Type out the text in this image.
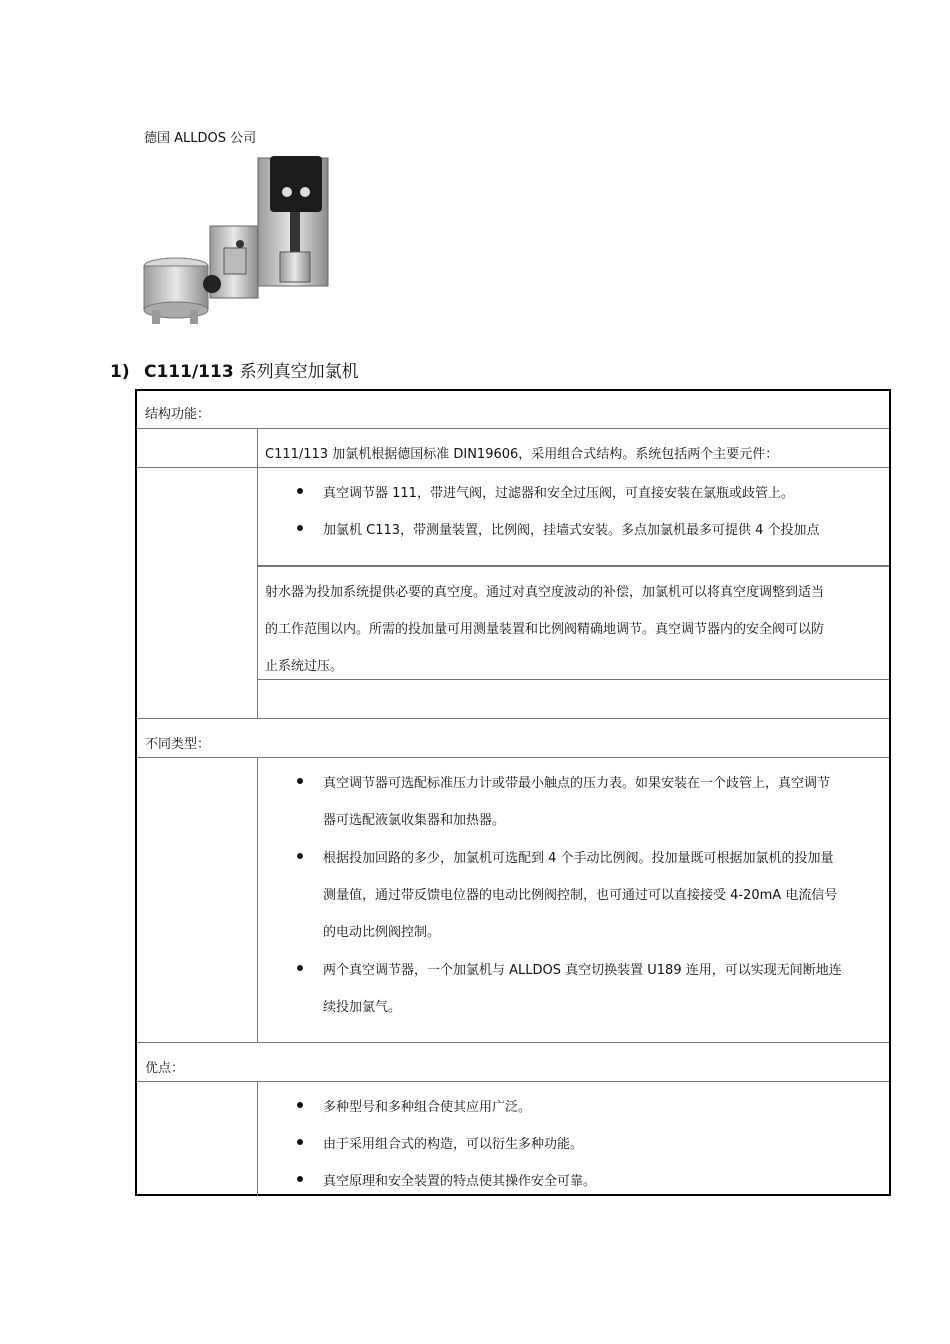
德国 ALLDOS 公司
1) C111/113 系列真空加氯机
结构功能：
C111/113 加氯机根据德国标准 DIN19606，采用组合式结构。系统包括两个主要元件：
真空调节器 111，带进气阀，过滤器和安全过压阀，可直接安装在氯瓶或歧管上。
加氯机 C113，带测量装置，比例阀，挂墙式安装。多点加氯机最多可提供 4 个投加点
射水器为投加系统提供必要的真空度。通过对真空度波动的补偿，加氯机可以将真空度调整到适当
的工作范围以内。所需的投加量可用测量装置和比例阀精确地调节。真空调节器内的安全阀可以防
止系统过压。
不同类型：
真空调节器可选配标准压力计或带最小触点的压力表。如果安装在一个歧管上，真空调节
器可选配液氯收集器和加热器。
根据投加回路的多少，加氯机可选配到 4 个手动比例阀。投加量既可根据加氯机的投加量
测量值，通过带反馈电位器的电动比例阀控制，也可通过可以直接接受 4-20mA 电流信号
的电动比例阀控制。
两个真空调节器，一个加氯机与 ALLDOS 真空切换装置 U189 连用，可以实现无间断地连
续投加氯气。
优点：
多种型号和多种组合使其应用广泛。
由于采用组合式的构造，可以衍生多种功能。
真空原理和安全装置的特点使其操作安全可靠。
